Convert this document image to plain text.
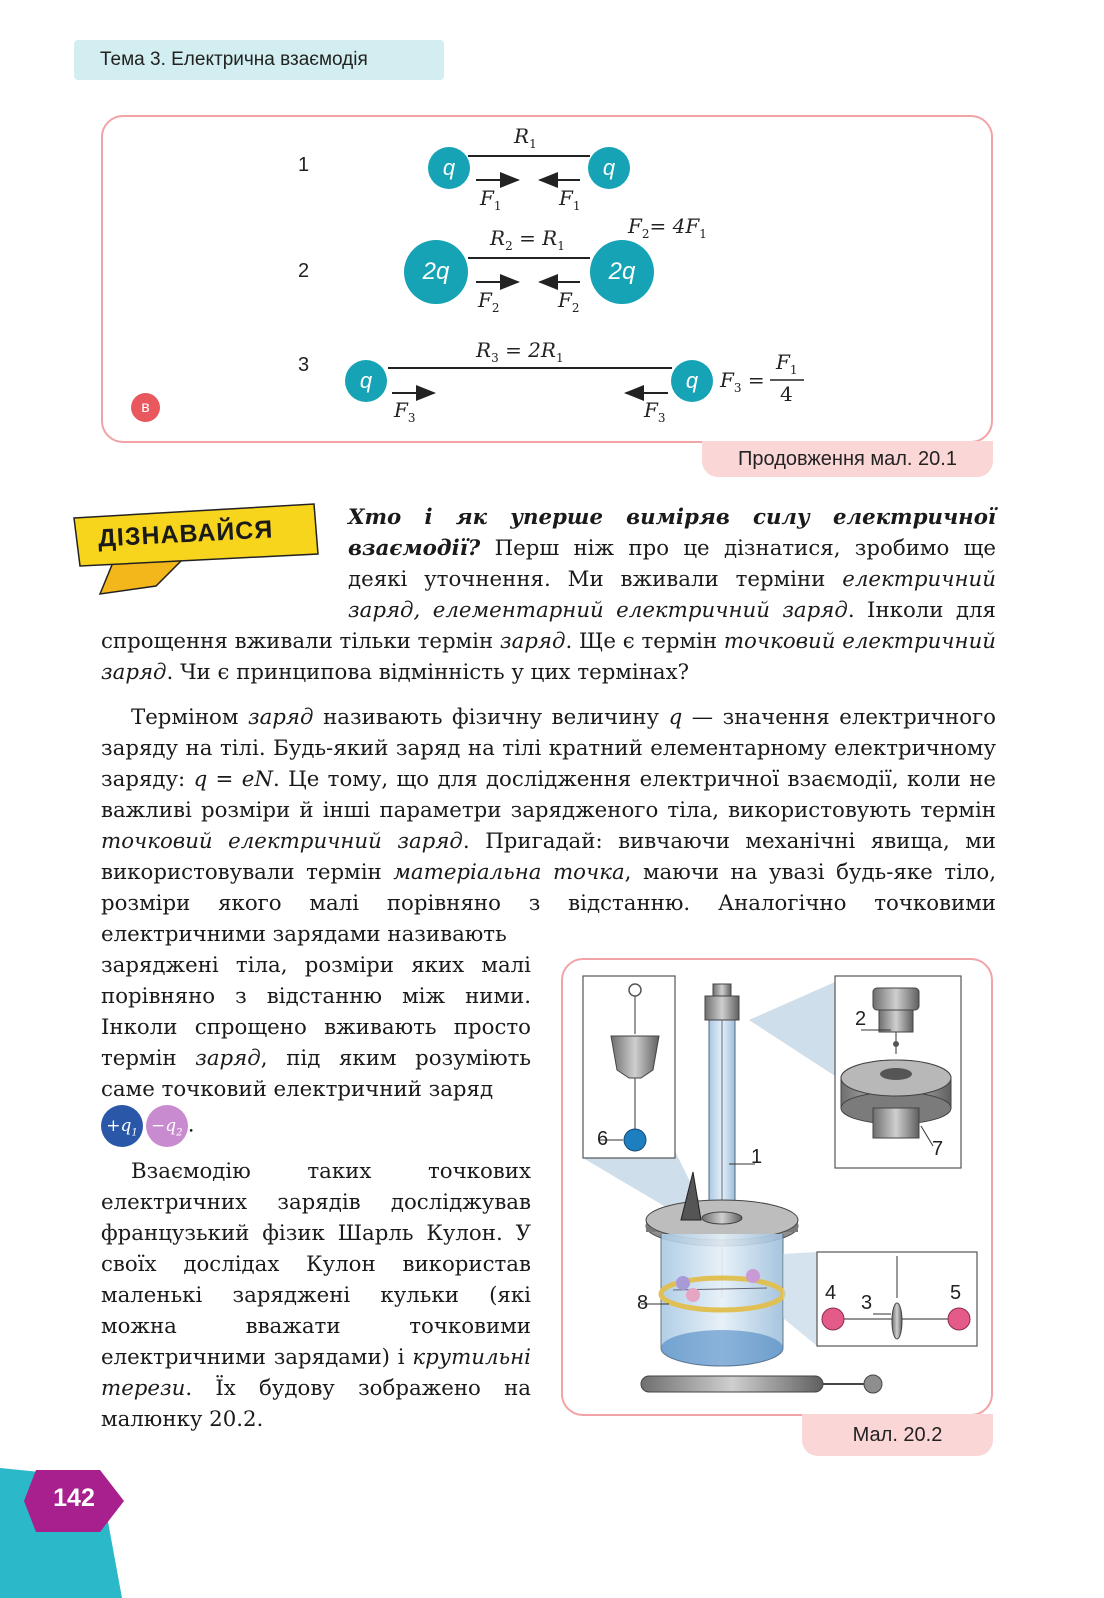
Тема 3. Електрична взаємодія
1	q	q
$R_1$
$F_1$	$F_1$
2	2q	2q
$R_2 = R_1$
$F_2= 4F_1$
$F_2$	$F_2$
3
q	q
$R_3 = 2R_1$
$F_3$ =
$F_1$
4
$F_3$	$F_3$
в
Продовження мал. 20.1
ДІЗНАВАЙСЯ	Хто і як уперше виміряв силу електричної взаємодії? Перш ніж про це дізнатися, зробимо ще деякі уточнення. Ми вживали терміни електричний заряд, елементарний електричний заряд. Інколи для спрощення вживали тільки термін заряд. Ще є термін точковий електричний заряд. Чи є принципова відмінність у цих термінах?

Терміном заряд називають фізичну величину q — значення електричного заряду на тілі. Будь-який заряд на тілі кратний елементарному електричному заряду: q = eN. Це тому, що для дослідження електричної взаємодії, коли не важливі розміри й інші параметри зарядженого тіла, використовують термін точковий електричний заряд. Пригадай: вивчаючи механічні явища, ми використовували термін матеріальна точка, маючи на увазі будь-яке тіло, розміри якого малі порівняно з відстанню. Аналогічно точковими електричними зарядами називають

заряджені тіла, розміри яких малі порівняно з відстанню між ними. Інколи спрощено вживають просто термін заряд, під яким розуміють саме точковий електричний заряд
$+q_1 -q_2$ .

Взаємодію таких точкових електричних зарядів досліджував французький фізик Шарль Кулон. У своїх дослідах Кулон використав маленькі заряджені кульки (які можна вважати точковими електричними зарядами) і крутильні терези. Їх будову зображено на малюнку 20.2.

1
2
3
4	5
6	7
8
Мал. 20.2
142
